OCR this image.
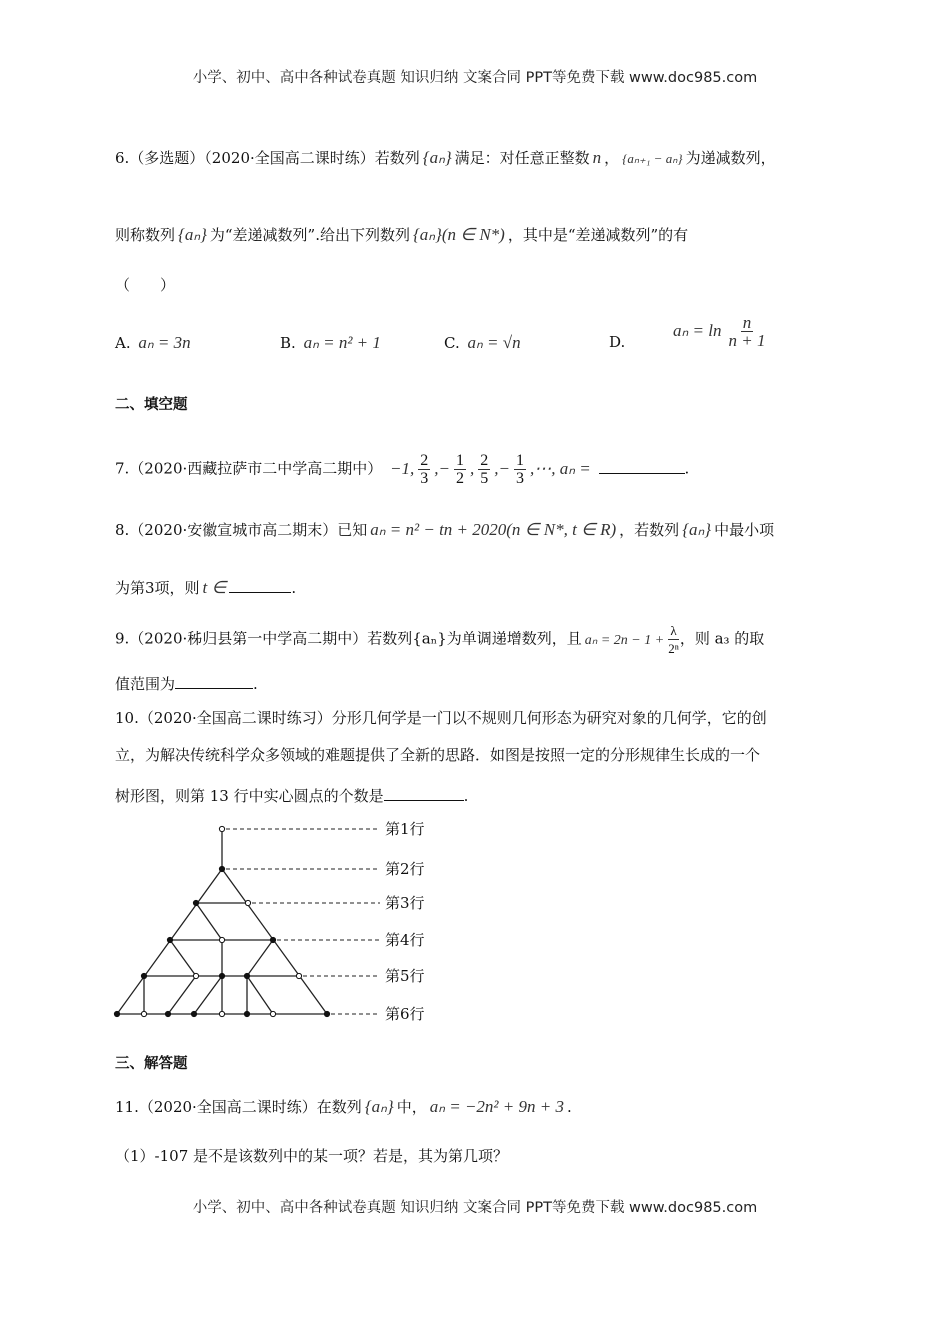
小学、初中、高中各种试卷真题 知识归纳 文案合同 PPT等免费下载 www.doc985.com
6.（多选题）（2020·全国高二课时练）若数列 {aₙ} 满足：对任意正整数 n ， {aₙ₊₁ − aₙ} 为递减数列，
则称数列 {aₙ} 为“差递减数列”.给出下列数列 {aₙ}(n ∈ N*) ，其中是“差递减数列”的有
（　　）
A. aₙ = 3n	B. aₙ = n² + 1	C. aₙ = √n	D.
$a_n = \ln \frac{n}{n + 1}$
二、填空题
7.（2020·西藏拉萨市二中学高二期中） −1, $\frac{2}{3}$ ,− $\frac{1}{2}$ , $\frac{2}{5}$ ,− $\frac{1}{3}$ ,⋯, aₙ =	.
8.（2020·安徽宣城市高二期末）已知 aₙ = n² − tn + 2020(n ∈ N*, t ∈ R) ，若数列 {aₙ} 中最小项
为第3项，则 t ∈	.
9.（2020·秭归县第一中学高二期中）若数列{aₙ}为单调递增数列，且 $a_n = 2n - 1 + \frac{\lambda}{\text{2ⁿ}}$ ，则 a₃ 的取
值范围为	.
10.（2020·全国高二课时练习）分形几何学是一门以不规则几何形态为研究对象的几何学，它的创
立，为解决传统科学众多领域的难题提供了全新的思路．如图是按照一定的分形规律生长成的一个
树形图，则第 13 行中实心圆点的个数是	.
第1行
第2行
第3行
第4行
第5行
第6行
三、解答题
11.（2020·全国高二课时练）在数列 {aₙ} 中， aₙ = −2n² + 9n + 3 .
（1）-107 是不是该数列中的某一项？若是，其为第几项？
小学、初中、高中各种试卷真题 知识归纳 文案合同 PPT等免费下载 www.doc985.com
